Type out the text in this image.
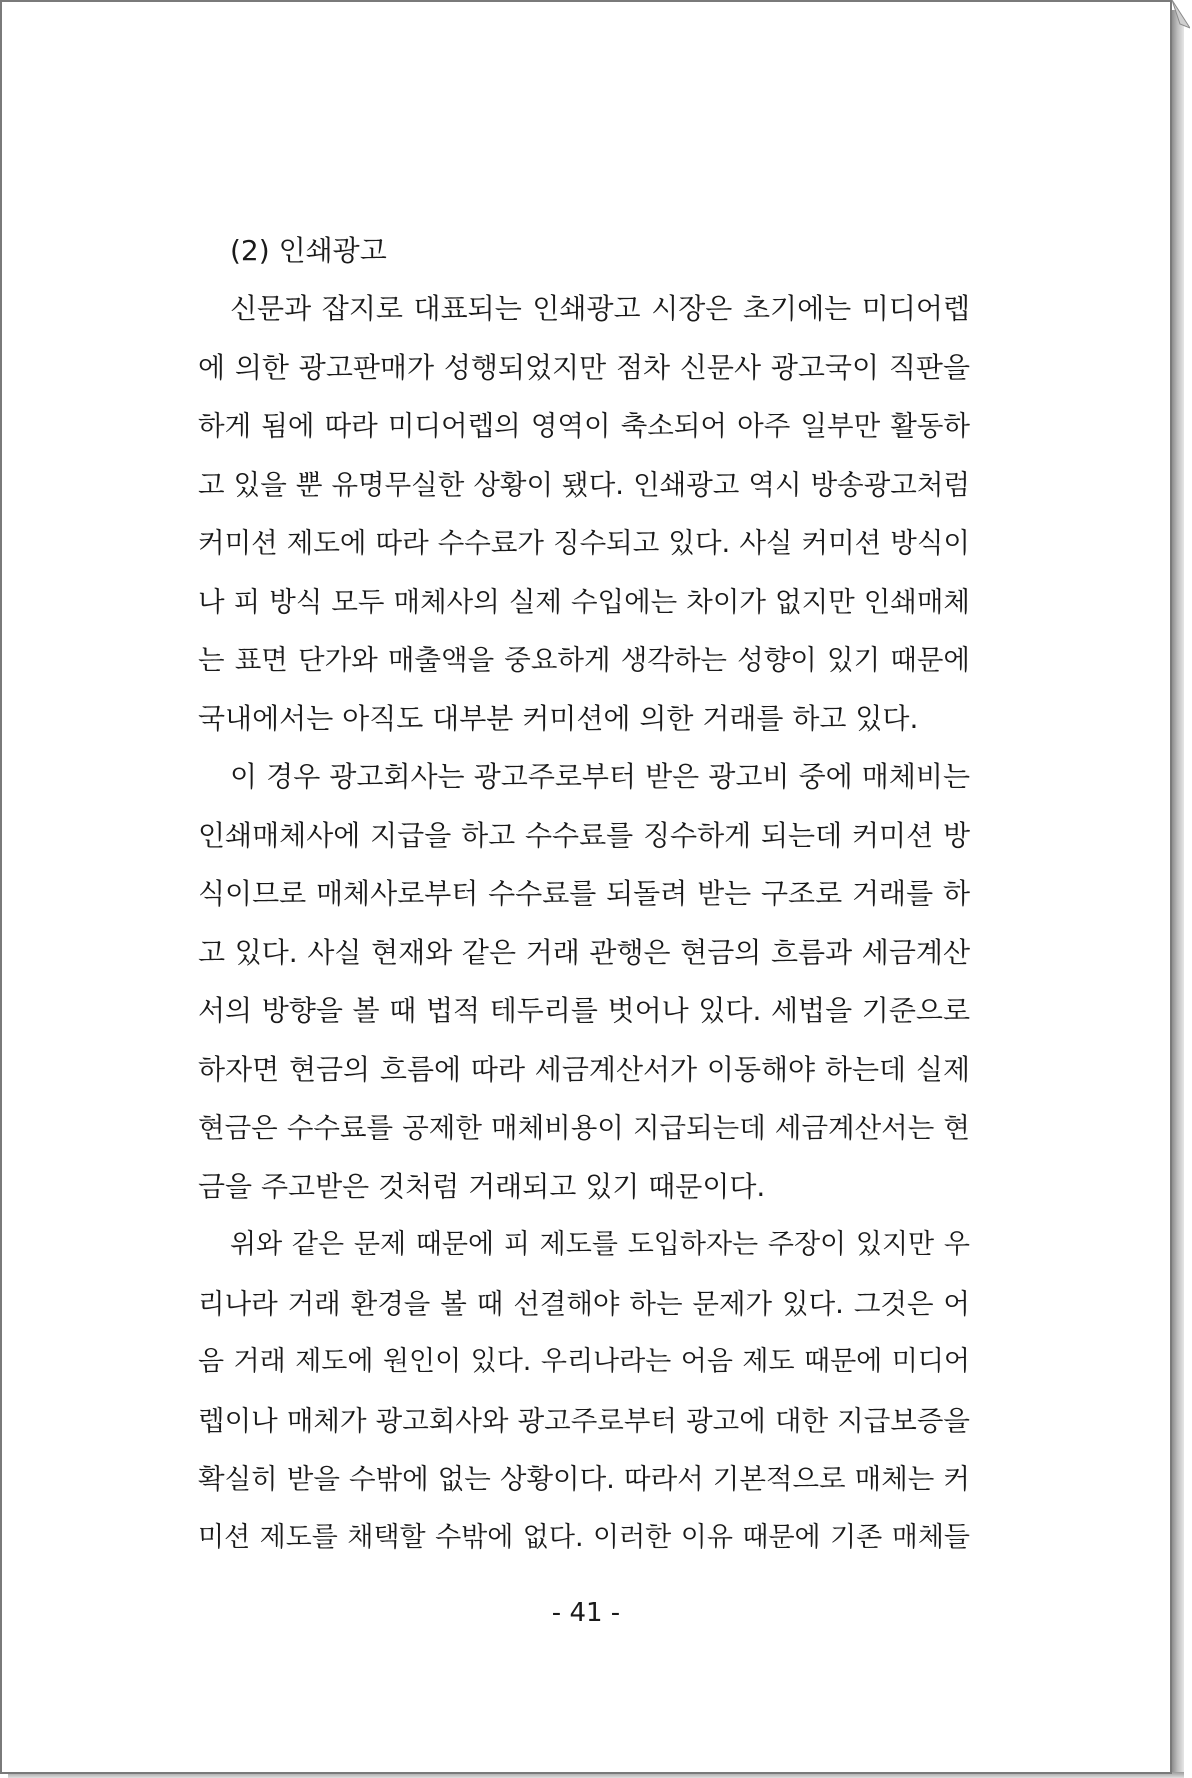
(2) 인쇄광고
신문과 잡지로 대표되는 인쇄광고 시장은 초기에는 미디어렙
에 의한 광고판매가 성행되었지만 점차 신문사 광고국이 직판을
하게 됨에 따라 미디어렙의 영역이 축소되어 아주 일부만 활동하
고 있을 뿐 유명무실한 상황이 됐다. 인쇄광고 역시 방송광고처럼
커미션 제도에 따라 수수료가 징수되고 있다. 사실 커미션 방식이
나 피 방식 모두 매체사의 실제 수입에는 차이가 없지만 인쇄매체
는 표면 단가와 매출액을 중요하게 생각하는 성향이 있기 때문에
국내에서는 아직도 대부분 커미션에 의한 거래를 하고 있다.
이 경우 광고회사는 광고주로부터 받은 광고비 중에 매체비는
인쇄매체사에 지급을 하고 수수료를 징수하게 되는데 커미션 방
식이므로 매체사로부터 수수료를 되돌려 받는 구조로 거래를 하
고 있다. 사실 현재와 같은 거래 관행은 현금의 흐름과 세금계산
서의 방향을 볼 때 법적 테두리를 벗어나 있다. 세법을 기준으로
하자면 현금의 흐름에 따라 세금계산서가 이동해야 하는데 실제
현금은 수수료를 공제한 매체비용이 지급되는데 세금계산서는 현
금을 주고받은 것처럼 거래되고 있기 때문이다.
위와 같은 문제 때문에 피 제도를 도입하자는 주장이 있지만 우
리나라 거래 환경을 볼 때 선결해야 하는 문제가 있다. 그것은 어
음 거래 제도에 원인이 있다. 우리나라는 어음 제도 때문에 미디어
렙이나 매체가 광고회사와 광고주로부터 광고에 대한 지급보증을
확실히 받을 수밖에 없는 상황이다. 따라서 기본적으로 매체는 커
미션 제도를 채택할 수밖에 없다. 이러한 이유 때문에 기존 매체들
- 41 -
